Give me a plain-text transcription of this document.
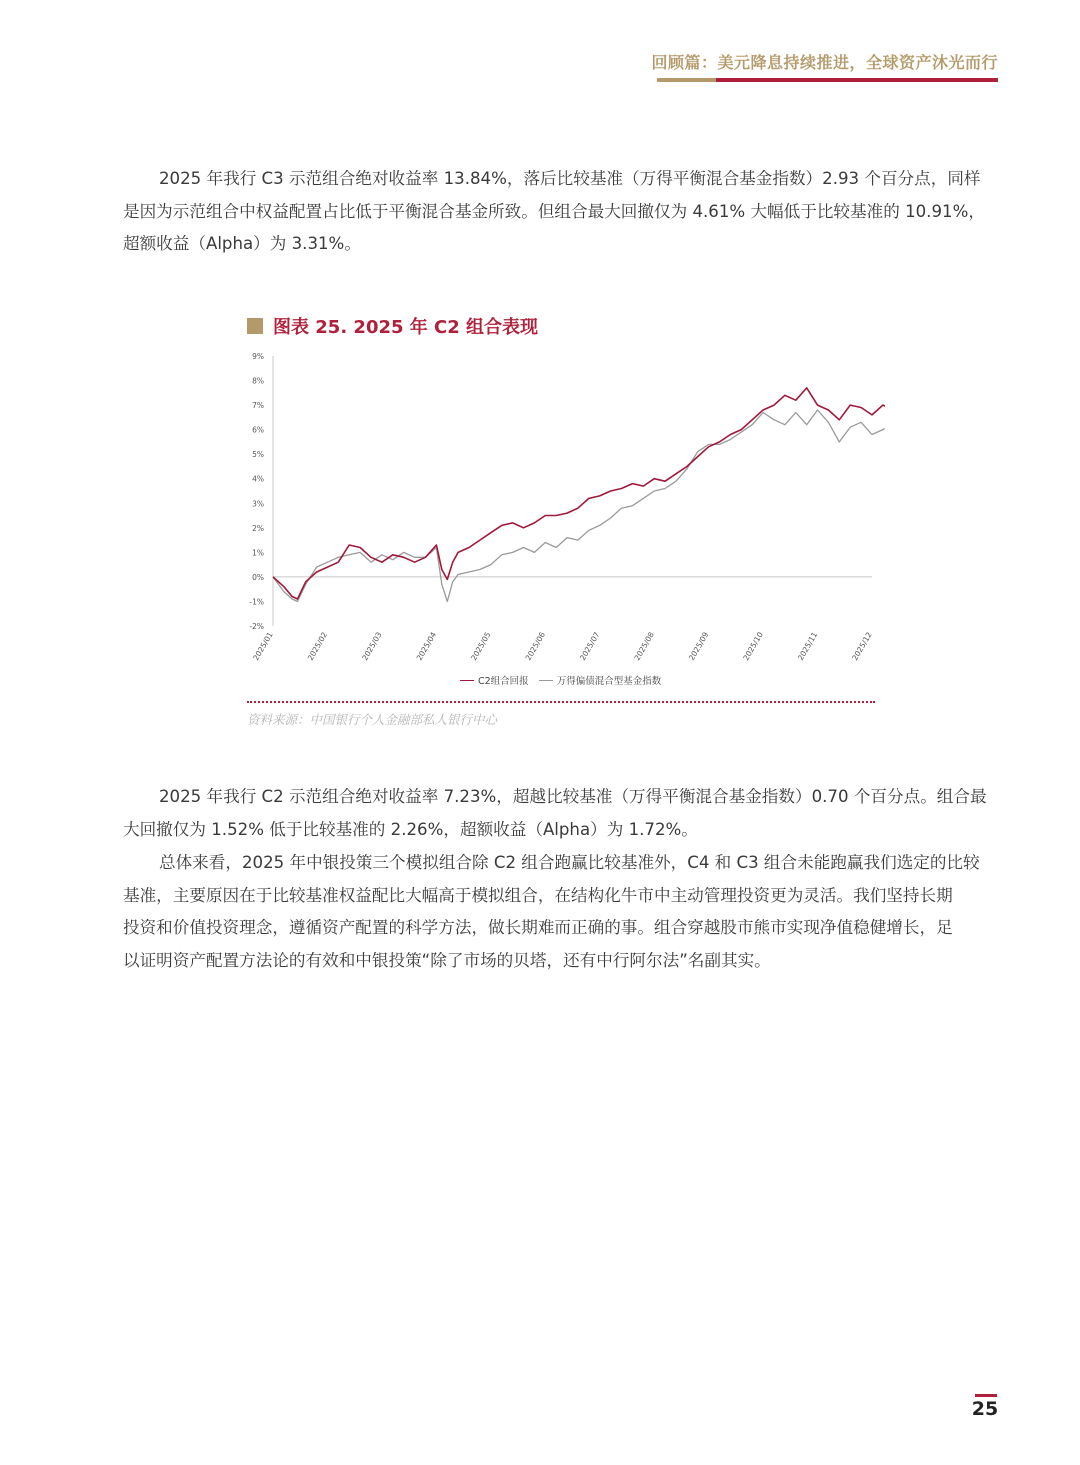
回顾篇：美元降息持续推进，全球资产沐光而行

2025 年我行 C3 示范组合绝对收益率 13.84%，落后比较基准（万得平衡混合基金指数）2.93 个百分点，同样
是因为示范组合中权益配置占比低于平衡混合基金所致。但组合最大回撤仅为 4.61% 大幅低于比较基准的 10.91%，
超额收益（Alpha）为 3.31%。

图表 25. 2025 年 C2 组合表现
9%
8%
7%
6%
5%
4%
3%
2%
1%
0%
-1%
-2%
2025/01	2025/02	2025/03	2025/04	2025/05	2025/06	2025/07	2025/08	2025/09	2025/10	2025/11	2025/12
C2组合回报	万得偏债混合型基金指数
资料来源：中国银行个人金融部私人银行中心

2025 年我行 C2 示范组合绝对收益率 7.23%，超越比较基准（万得平衡混合基金指数）0.70 个百分点。组合最
大回撤仅为 1.52% 低于比较基准的 2.26%，超额收益（Alpha）为 1.72%。

总体来看，2025 年中银投策三个模拟组合除 C2 组合跑赢比较基准外，C4 和 C3 组合未能跑赢我们选定的比较
基准，主要原因在于比较基准权益配比大幅高于模拟组合，在结构化牛市中主动管理投资更为灵活。我们坚持长期
投资和价值投资理念，遵循资产配置的科学方法，做长期难而正确的事。组合穿越股市熊市实现净值稳健增长，足
以证明资产配置方法论的有效和中银投策“除了市场的贝塔，还有中行阿尔法”名副其实。

25
